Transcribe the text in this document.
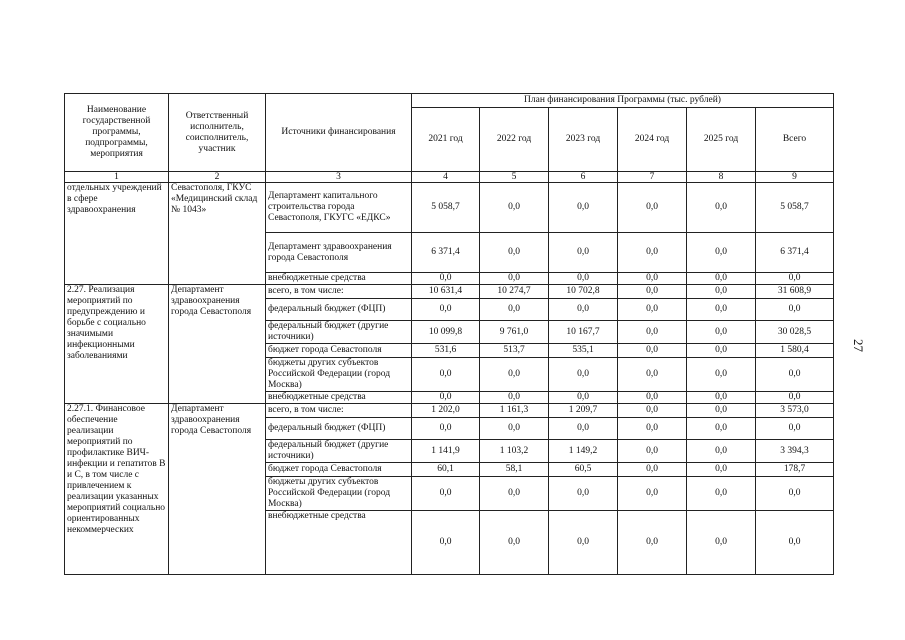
Наименование государственной программы, подпрограммы, мероприятия	Ответственный исполнитель, соисполнитель, участник	Источники финансирования	План финансирования Программы (тыс. рублей)					
			2021 год	2022 год	2023 год	2024 год	2025 год	Всего
1	2	3	4	5	6	7	8	9
отдельных учреждений в сфере здравоохранения	Севастополя, ГКУС «Медицинский склад № 1043»	Департамент капитального строительства города Севастополя, ГКУГС «ЕДКС»	5 058,7	0,0	0,0	0,0	0,0	5 058,7
		Департамент здравоохранения города Севастополя	6 371,4	0,0	0,0	0,0	0,0	6 371,4
		внебюджетные средства	0,0	0,0	0,0	0,0	0,0	0,0
2.27. Реализация мероприятий по предупреждению и борьбе с социально значимыми инфекционными заболеваниями	Департамент здравоохранения города Севастополя	всего, в том числе:	10 631,4	10 274,7	10 702,8	0,0	0,0	31 608,9
		федеральный бюджет (ФЦП)	0,0	0,0	0,0	0,0	0,0	0,0
		федеральный бюджет (другие источники)	10 099,8	9 761,0	10 167,7	0,0	0,0	30 028,5
		бюджет города Севастополя	531,6	513,7	535,1	0,0	0,0	1 580,4
		бюджеты других субъектов Российской Федерации (город Москва)	0,0	0,0	0,0	0,0	0,0	0,0
		внебюджетные средства	0,0	0,0	0,0	0,0	0,0	0,0
2.27.1. Финансовое обеспечение реализации мероприятий по профилактике ВИЧ-инфекции и гепатитов В и С, в том числе с привлечением к реализации указанных мероприятий социально ориентированных некоммерческих	Департамент здравоохранения города Севастополя	всего, в том числе:	1 202,0	1 161,3	1 209,7	0,0	0,0	3 573,0
		федеральный бюджет (ФЦП)	0,0	0,0	0,0	0,0	0,0	0,0
		федеральный бюджет (другие источники)	1 141,9	1 103,2	1 149,2	0,0	0,0	3 394,3
		бюджет города Севастополя	60,1	58,1	60,5	0,0	0,0	178,7
		бюджеты других субъектов Российской Федерации (город Москва)	0,0	0,0	0,0	0,0	0,0	0,0
		внебюджетные средства	0,0	0,0	0,0	0,0	0,0	0,0
27
